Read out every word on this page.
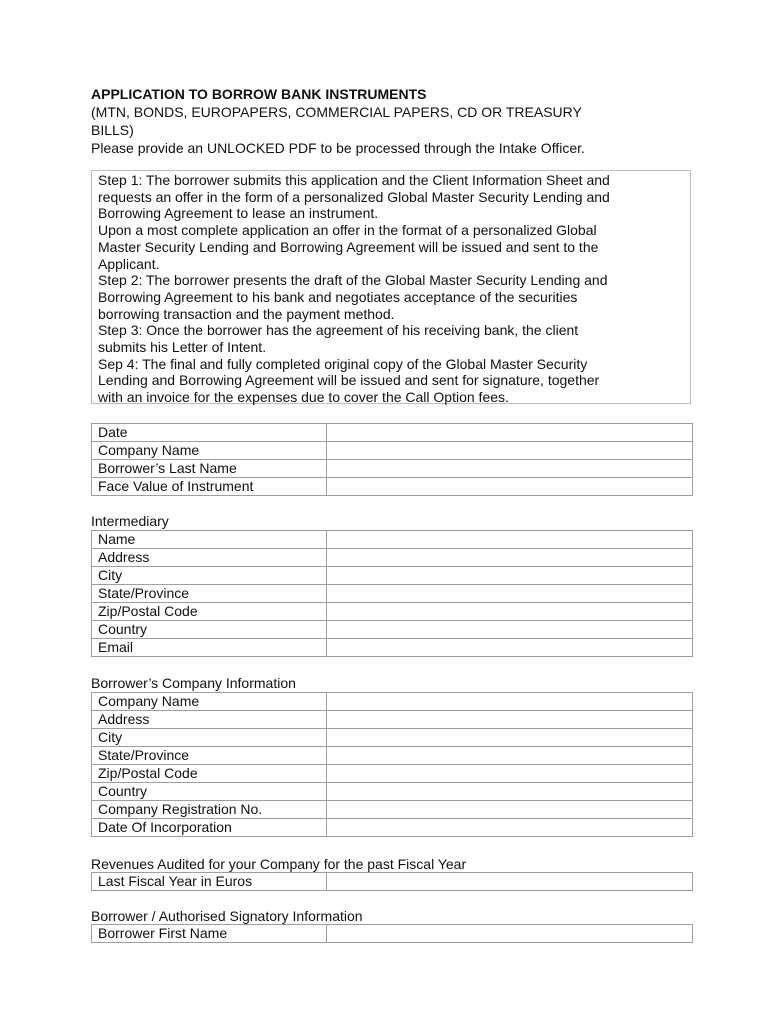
APPLICATION TO BORROW BANK INSTRUMENTS
(MTN, BONDS, EUROPAPERS, COMMERCIAL PAPERS, CD OR TREASURY
BILLS)
Please provide an UNLOCKED PDF to be processed through the Intake Officer.
Step 1: The borrower submits this application and the Client Information Sheet and
requests an offer in the form of a personalized Global Master Security Lending and
Borrowing Agreement to lease an instrument.
Upon a most complete application an offer in the format of a personalized Global
Master Security Lending and Borrowing Agreement will be issued and sent to the
Applicant.
Step 2: The borrower presents the draft of the Global Master Security Lending and
Borrowing Agreement to his bank and negotiates acceptance of the securities
borrowing transaction and the payment method.
Step 3: Once the borrower has the agreement of his receiving bank, the client
submits his Letter of Intent.
Sep 4: The final and fully completed original copy of the Global Master Security
Lending and Borrowing Agreement will be issued and sent for signature, together
with an invoice for the expenses due to cover the Call Option fees.
Date	
Company Name	
Borrower’s Last Name	
Face Value of Instrument	
Intermediary
Name	
Address	
City	
State/Province	
Zip/Postal Code	
Country	
Email	
Borrower’s Company Information
Company Name	
Address	
City	
State/Province	
Zip/Postal Code	
Country	
Company Registration No.	
Date Of Incorporation	
Revenues Audited for your Company for the past Fiscal Year
Last Fiscal Year in Euros	
Borrower / Authorised Signatory Information
Borrower First Name	
